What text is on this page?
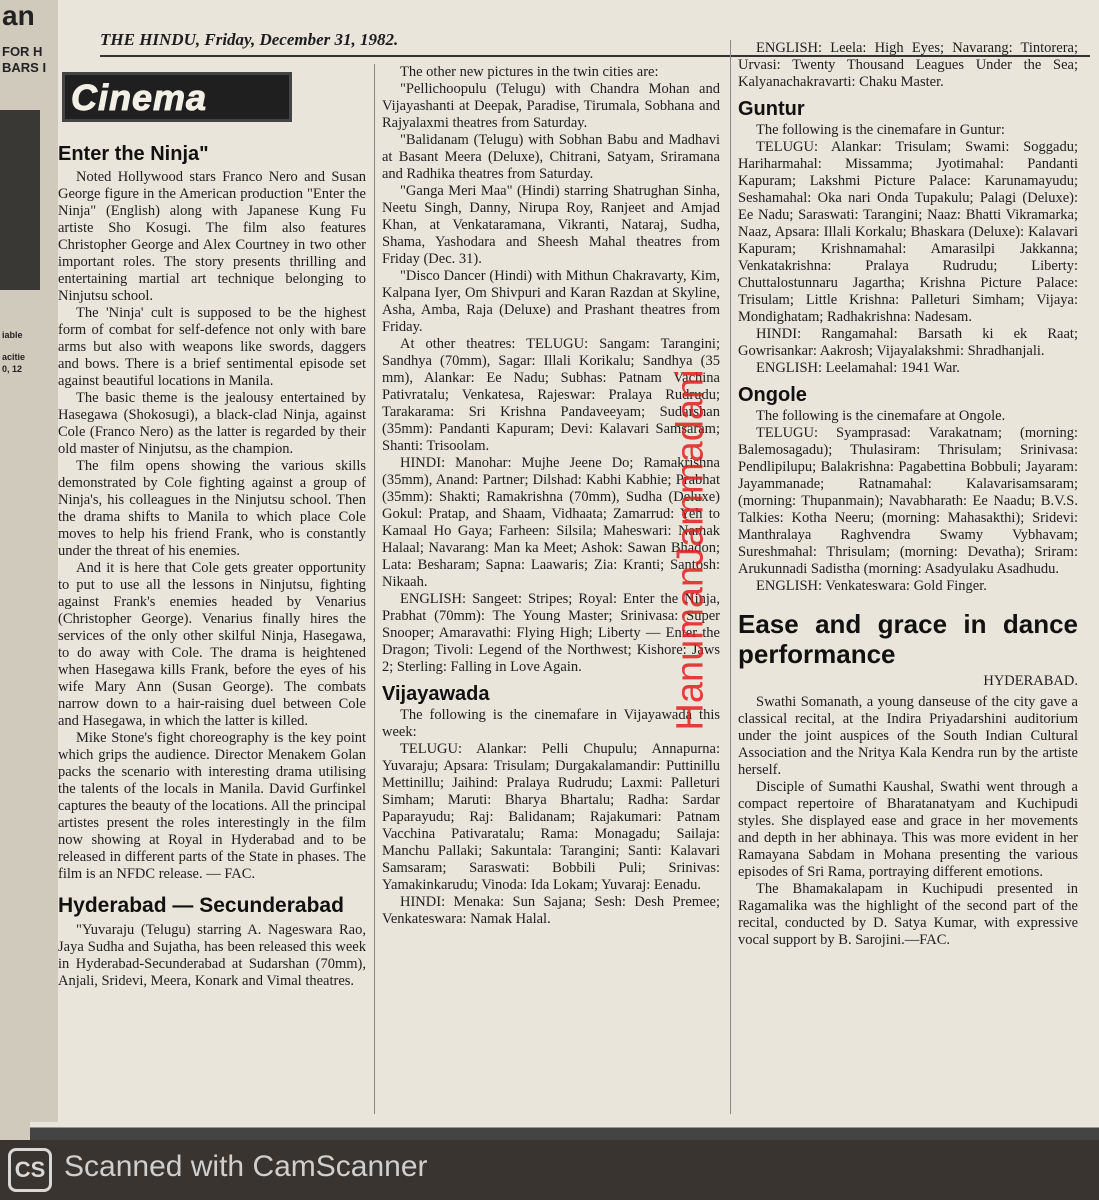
an
FOR H
BARS I
iable
acitie
0, 12
THE HINDU, Friday, December 31, 1982.
Cinema
Enter the Ninja"

Noted Hollywood stars Franco Nero and Susan George figure in the American production "Enter the Ninja" (English) along with Japanese Kung Fu artiste Sho Kosugi. The film also features Christopher George and Alex Courtney in two other important roles. The story presents thrilling and entertaining martial art technique belonging to Ninjutsu school.

The 'Ninja' cult is supposed to be the highest form of combat for self-defence not only with bare arms but also with weapons like swords, daggers and bows. There is a brief sentimental episode set against beautiful locations in Manila.

The basic theme is the jealousy entertained by Hasegawa (Shokosugi), a black-clad Ninja, against Cole (Franco Nero) as the latter is regarded by their old master of Ninjutsu, as the champion.

The film opens showing the various skills demonstrated by Cole fighting against a group of Ninja's, his colleagues in the Ninjutsu school. Then the drama shifts to Manila to which place Cole moves to help his friend Frank, who is constantly under the threat of his enemies.

And it is here that Cole gets greater opportunity to put to use all the lessons in Ninjutsu, fighting against Frank's enemies headed by Venarius (Christopher George). Venarius finally hires the services of the only other skilful Ninja, Hasegawa, to do away with Cole. The drama is heightened when Hasegawa kills Frank, before the eyes of his wife Mary Ann (Susan George). The combats narrow down to a hair-raising duel between Cole and Hasegawa, in which the latter is killed.

Mike Stone's fight choreography is the key point which grips the audience. Director Menakem Golan packs the scenario with interesting drama utilising the talents of the locals in Manila. David Gurfinkel captures the beauty of the locations. All the principal artistes present the roles interestingly in the film now showing at Royal in Hyderabad and to be released in different parts of the State in phases. The film is an NFDC release. — FAC.

Hyderabad — Secunderabad

"Yuvaraju (Telugu) starring A. Nageswara Rao, Jaya Sudha and Sujatha, has been released this week in Hyderabad-Secunderabad at Sudarshan (70mm), Anjali, Sridevi, Meera, Konark and Vimal theatres.

The other new pictures in the twin cities are:

"Pellichoopulu (Telugu) with Chandra Mohan and Vijayashanti at Deepak, Paradise, Tirumala, Sobhana and Rajyalaxmi theatres from Saturday.

"Balidanam (Telugu) with Sobhan Babu and Madhavi at Basant Meera (Deluxe), Chitrani, Satyam, Sriramana and Radhika theatres from Saturday.

"Ganga Meri Maa" (Hindi) starring Shatrughan Sinha, Neetu Singh, Danny, Nirupa Roy, Ranjeet and Amjad Khan, at Venkataramana, Vikranti, Nataraj, Sudha, Shama, Yashodara and Sheesh Mahal theatres from Friday (Dec. 31).

"Disco Dancer (Hindi) with Mithun Chakravarty, Kim, Kalpana Iyer, Om Shivpuri and Karan Razdan at Skyline, Asha, Amba, Raja (Deluxe) and Prashant theatres from Friday.

At other theatres: TELUGU: Sangam: Tarangini; Sandhya (70mm), Sagar: Illali Korikalu; Sandhya (35 mm), Alankar: Ee Nadu; Subhas: Patnam Vachina Pativratalu; Venkatesa, Rajeswar: Pralaya Rudrudu; Tarakarama: Sri Krishna Pandaveeyam; Sudarshan (35mm): Pandanti Kapuram; Devi: Kalavari Samsaram; Shanti: Trisoolam.

HINDI: Manohar: Mujhe Jeene Do; Ramakrishna (35mm), Anand: Partner; Dilshad: Kabhi Kabhie; Prabhat (35mm): Shakti; Ramakrishna (70mm), Sudha (Deluxe) Gokul: Pratap, and Shaam, Vidhaata; Zamarrud: Yeh to Kamaal Ho Gaya; Farheen: Silsila; Maheswari: Namak Halaal; Navarang: Man ka Meet; Ashok: Sawan Bhadon; Lata: Besharam; Sapna: Laawaris; Zia: Kranti; Santosh: Nikaah.

ENGLISH: Sangeet: Stripes; Royal: Enter the Ninja, Prabhat (70mm): The Young Master; Srinivasa: Super Snooper; Amaravathi: Flying High; Liberty — Enter the Dragon; Tivoli: Legend of the Northwest; Kishore: Jaws 2; Sterling: Falling in Love Again.

Vijayawada

The following is the cinemafare in Vijayawada this week:

TELUGU: Alankar: Pelli Chupulu; Annapurna: Yuvaraju; Apsara: Trisulam; Durgakalamandir: Puttinillu Mettinillu; Jaihind: Pralaya Rudrudu; Laxmi: Palleturi Simham; Maruti: Bharya Bhartalu; Radha: Sardar Paparayudu; Raj: Balidanam; Rajakumari: Patnam Vacchina Pativaratalu; Rama: Monagadu; Sailaja: Manchu Pallaki; Sakuntala: Tarangini; Santi: Kalavari Samsaram; Saraswati: Bobbili Puli; Srinivas: Yamakinkarudu; Vinoda: Ida Lokam; Yuvaraj: Eenadu.

HINDI: Menaka: Sun Sajana; Sesh: Desh Premee; Venkateswara: Namak Halal.

ENGLISH: Leela: High Eyes; Navarang: Tintorera; Urvasi: Twenty Thousand Leagues Under the Sea; Kalyanachakravarti: Chaku Master.

Guntur

The following is the cinemafare in Guntur:

TELUGU: Alankar: Trisulam; Swami: Soggadu; Hariharmahal: Missamma; Jyotimahal: Pandanti Kapuram; Lakshmi Picture Palace: Karunamayudu; Seshamahal: Oka nari Onda Tupakulu; Palagi (Deluxe): Ee Nadu; Saraswati: Tarangini; Naaz: Bhatti Vikramarka; Naaz, Apsara: Illali Korkalu; Bhaskara (Deluxe): Kalavari Kapuram; Krishnamahal: Amarasilpi Jakkanna; Venkatakrishna: Pralaya Rudrudu; Liberty: Chuttalostunnaru Jagartha; Krishna Picture Palace: Trisulam; Little Krishna: Palleturi Simham; Vijaya: Mondighatam; Radhakrishna: Nadesam.

HINDI: Rangamahal: Barsath ki ek Raat; Gowrisankar: Aakrosh; Vijayalakshmi: Shradhanjali.

ENGLISH: Leelamahal: 1941 War.

Ongole

The following is the cinemafare at Ongole.

TELUGU: Syamprasad: Varakatnam; (morning: Balemosagadu); Thulasiram: Thrisulam; Srinivasa: Pendlipilupu; Balakrishna: Pagabettina Bobbuli; Jayaram: Jayammanade; Ratnamahal: Kalavarisamsaram; (morning: Thupanmain); Navabharath: Ee Naadu; B.V.S. Talkies: Kotha Neeru; (morning: Mahasakthi); Sridevi: Manthralaya Raghvendra Swamy Vybhavam; Sureshmahal: Thrisulam; (morning: Devatha); Sriram: Arukunnadi Sadistha (morning: Asadyulaku Asadhudu.

ENGLISH: Venkateswara: Gold Finger.

Ease and grace in dance performance

HYDERABAD.

Swathi Somanath, a young danseuse of the city gave a classical recital, at the Indira Priyadarshini auditorium under the joint auspices of the South Indian Cultural Association and the Nritya Kala Kendra run by the artiste herself.

Disciple of Sumathi Kaushal, Swathi went through a compact repertoire of Bharatanatyam and Kuchipudi styles. She displayed ease and grace in her movements and depth in her abhinaya. This was more evident in her Ramayana Sabdam in Mohana presenting the various episodes of Sri Rama, portraying different emotions.

The Bhamakalapam in Kuchipudi presented in Ragamalika was the highlight of the second part of the recital, conducted by D. Satya Kumar, with expressive vocal support by B. Sarojini.—FAC.

HanumanJammadani
CS Scanned with CamScanner
